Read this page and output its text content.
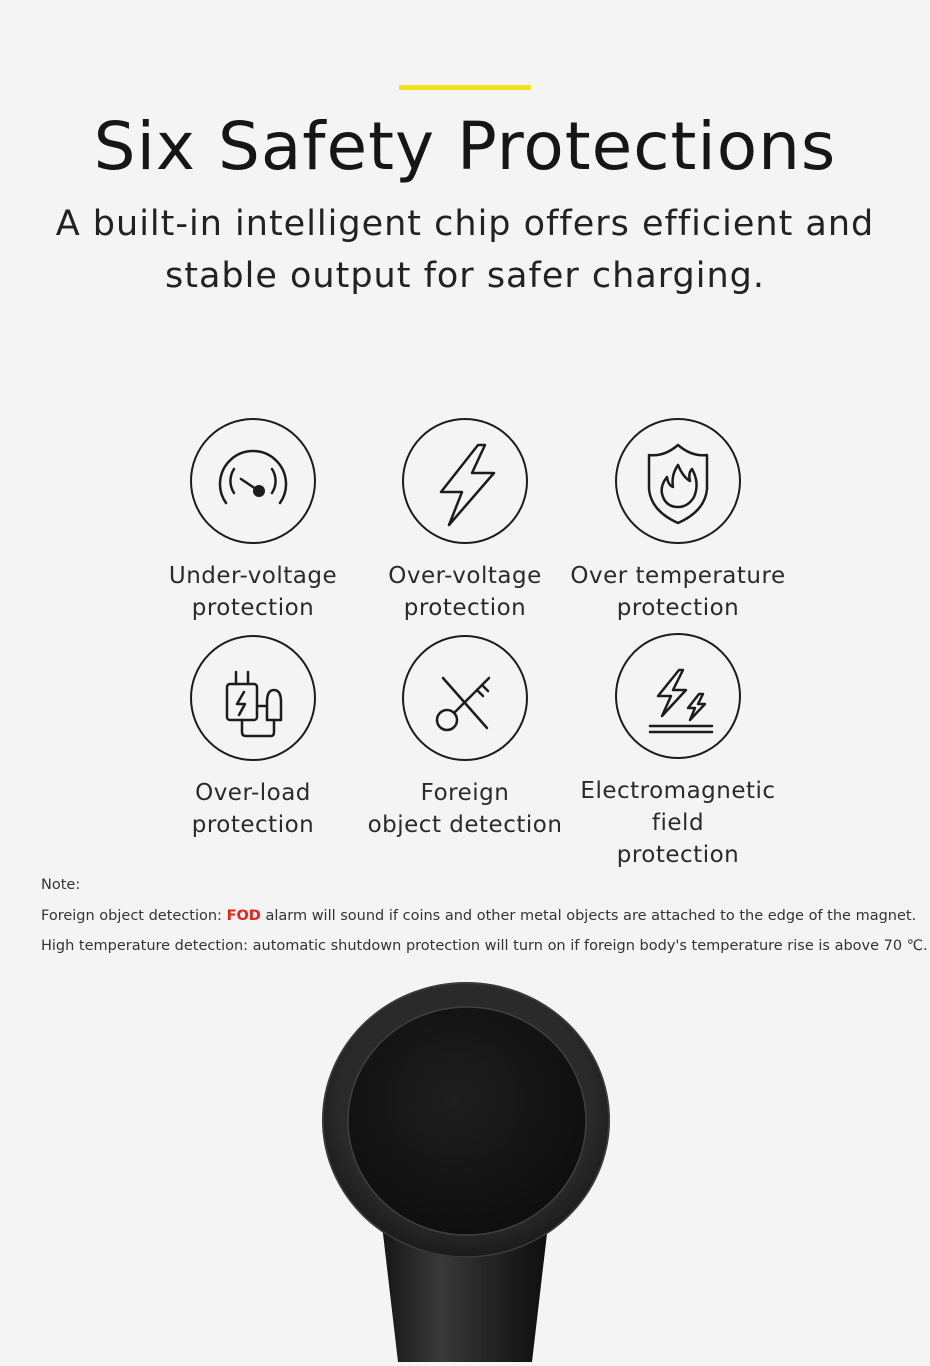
Six Safety Protections

A built-in intelligent chip offers efficient and stable output for safer charging.

Under-voltage
protection
Over-voltage
protection
Over temperature
protection
Over-load
protection
Foreign
object detection
Electromagnetic field
protection

Note:

Foreign object detection: FOD alarm will sound if coins and other metal objects are attached to the edge of the magnet.

High temperature detection: automatic shutdown protection will turn on if foreign body's temperature rise is above 70 ℃.
